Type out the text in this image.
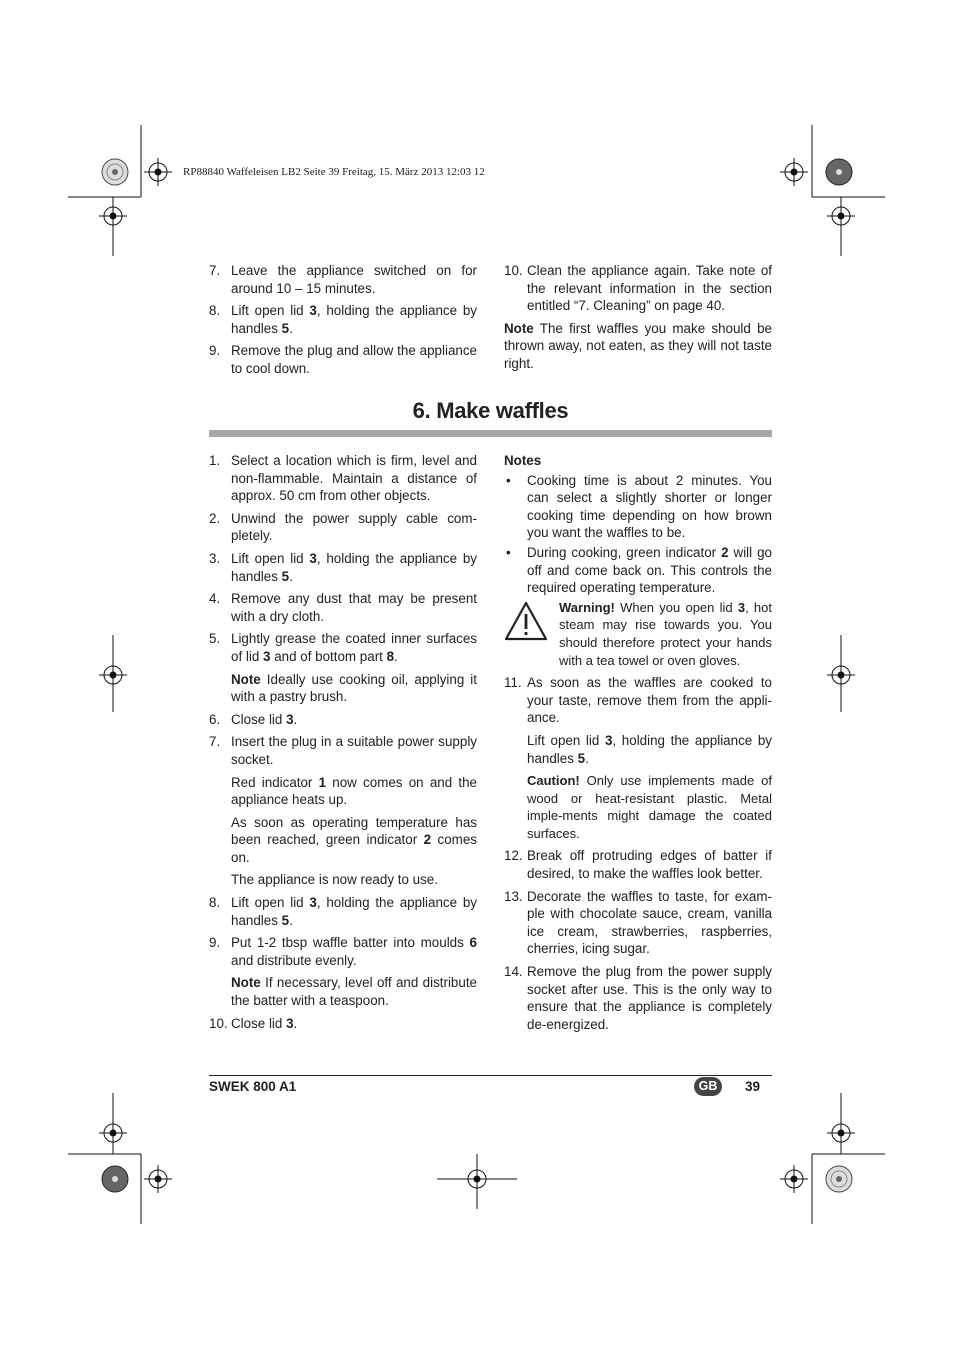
RP88840 Waffeleisen LB2 Seite 39 Freitag, 15. März 2013 12:03 12
7. Leave the appliance switched on for around 10 – 15 minutes.
8. Lift open lid 3, holding the appliance by handles 5.
9. Remove the plug and allow the appliance to cool down.
10. Clean the appliance again. Take note of the relevant information in the section entitled “7. Cleaning” on page 40.
Note The first waffles you make should be thrown away, not eaten, as they will not taste right.
6. Make waffles
1. Select a location which is firm, level and non-flammable. Maintain a distance of approx. 50 cm from other objects.
2. Unwind the power supply cable com-pletely.
3. Lift open lid 3, holding the appliance by handles 5.
4. Remove any dust that may be present with a dry cloth.
5. Lightly grease the coated inner surfaces of lid 3 and of bottom part 8.
Note Ideally use cooking oil, applying it with a pastry brush.
6. Close lid 3.
7. Insert the plug in a suitable power supply socket.
Red indicator 1 now comes on and the appliance heats up.
As soon as operating temperature has been reached, green indicator 2 comes on.
The appliance is now ready to use.
8. Lift open lid 3, holding the appliance by handles 5.
9. Put 1-2 tbsp waffle batter into moulds 6 and distribute evenly.
Note If necessary, level off and distribute the batter with a teaspoon.
10. Close lid 3.
Notes
• Cooking time is about 2 minutes. You can select a slightly shorter or longer cooking time depending on how brown you want the waffles to be.
• During cooking, green indicator 2 will go off and come back on. This controls the required operating temperature.
Warning! When you open lid 3, hot steam may rise towards you. You should therefore protect your hands with a tea towel or oven gloves.
11. As soon as the waffles are cooked to your taste, remove them from the appli-ance.
Lift open lid 3, holding the appliance by handles 5.
Caution! Only use implements made of wood or heat-resistant plastic. Metal imple-ments might damage the coated surfaces.
12. Break off protruding edges of batter if desired, to make the waffles look better.
13. Decorate the waffles to taste, for exam-ple with chocolate sauce, cream, vanilla ice cream, strawberries, raspberries, cherries, icing sugar.
14. Remove the plug from the power supply socket after use. This is the only way to ensure that the appliance is completely de-energized.
SWEK 800 A1	GB	39
